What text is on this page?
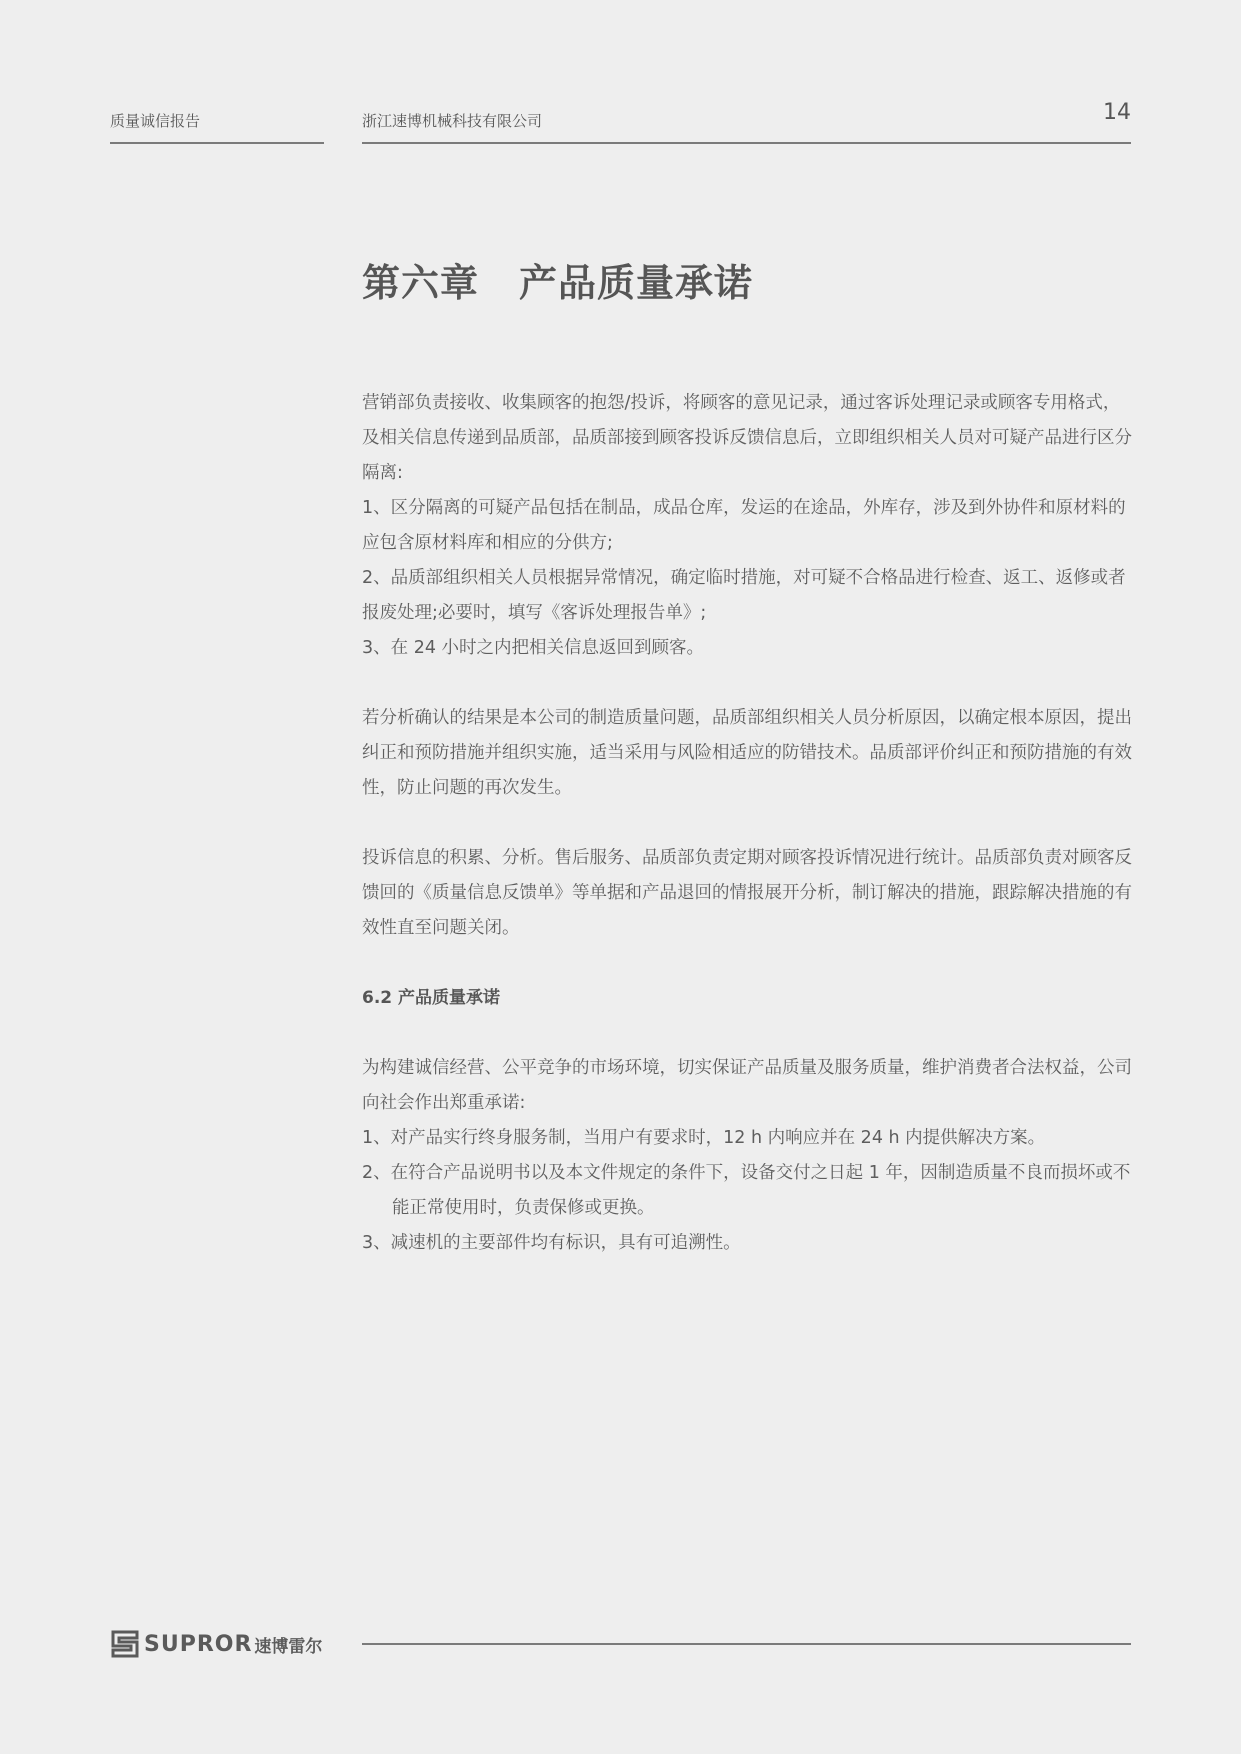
质量诚信报告	浙江速博机械科技有限公司	14
第六章 产品质量承诺

营销部负责接收、收集顾客的抱怨/投诉，将顾客的意见记录，通过客诉处理记录或顾客专用格式，及相关信息传递到品质部，品质部接到顾客投诉反馈信息后，立即组织相关人员对可疑产品进行区分隔离:

1、区分隔离的可疑产品包括在制品，成品仓库，发运的在途品，外库存，涉及到外协件和原材料的应包含原材料库和相应的分供方;

2、品质部组织相关人员根据异常情况，确定临时措施，对可疑不合格品进行检查、返工、返修或者报废处理;必要时，填写《客诉处理报告单》;

3、在 24 小时之内把相关信息返回到顾客。

若分析确认的结果是本公司的制造质量问题，品质部组织相关人员分析原因，以确定根本原因，提出纠正和预防措施并组织实施，适当采用与风险相适应的防错技术。品质部评价纠正和预防措施的有效性，防止问题的再次发生。

投诉信息的积累、分析。售后服务、品质部负责定期对顾客投诉情况进行统计。品质部负责对顾客反馈回的《质量信息反馈单》等单据和产品退回的情报展开分析，制订解决的措施，跟踪解决措施的有效性直至问题关闭。

6.2 产品质量承诺

为构建诚信经营、公平竞争的市场环境，切实保证产品质量及服务质量，维护消费者合法权益，公司向社会作出郑重承诺:

1、对产品实行终身服务制，当用户有要求时，12 h 内响应并在 24 h 内提供解决方案。

2、在符合产品说明书以及本文件规定的条件下，设备交付之日起 1 年，因制造质量不良而损坏或不能正常使用时，负责保修或更换。

3、减速机的主要部件均有标识，具有可追溯性。

SUPROR 速博雷尔
